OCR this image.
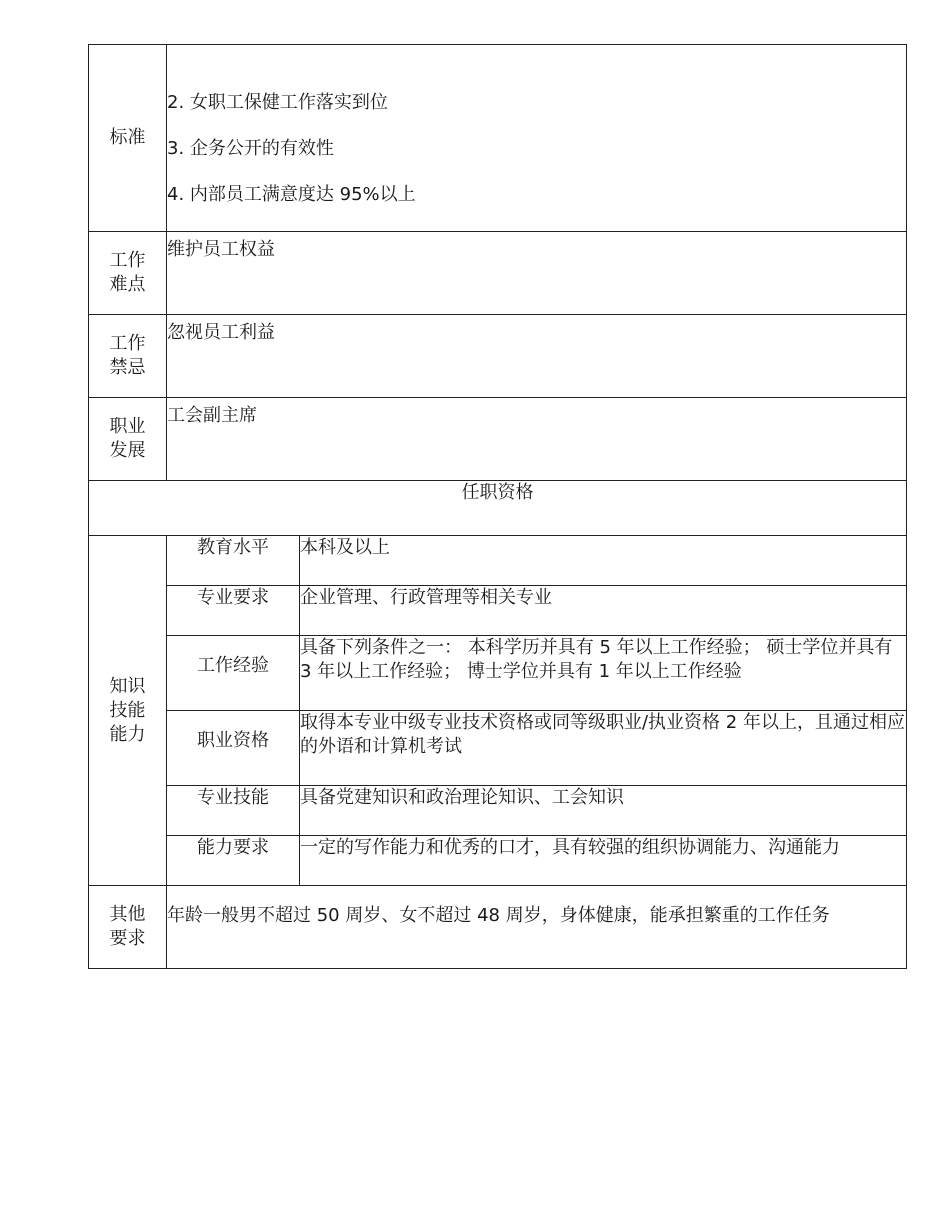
标准	2. 女职工保健工作落实到位
3. 企务公开的有效性
4. 内部员工满意度达 95%以上	

工作难点	维护员工权益	

工作禁忌	忽视员工利益	

职业发展	工会副主席	

任职资格		
知识技能能力	教育水平	本科及以上
	专业要求	企业管理、行政管理等相关专业
	工作经验	具备下列条件之一： 本科学历并具有 5 年以上工作经验； 硕士学位并具有 3 年以上工作经验； 博士学位并具有 1 年以上工作经验
	职业资格	取得本专业中级专业技术资格或同等级职业/执业资格 2 年以上，且通过相应的外语和计算机考试
	专业技能	具备党建知识和政治理论知识、工会知识
	能力要求	一定的写作能力和优秀的口才，具有较强的组织协调能力、沟通能力
其他要求	年龄一般男不超过 50 周岁、女不超过 48 周岁，身体健康，能承担繁重的工作任务	
